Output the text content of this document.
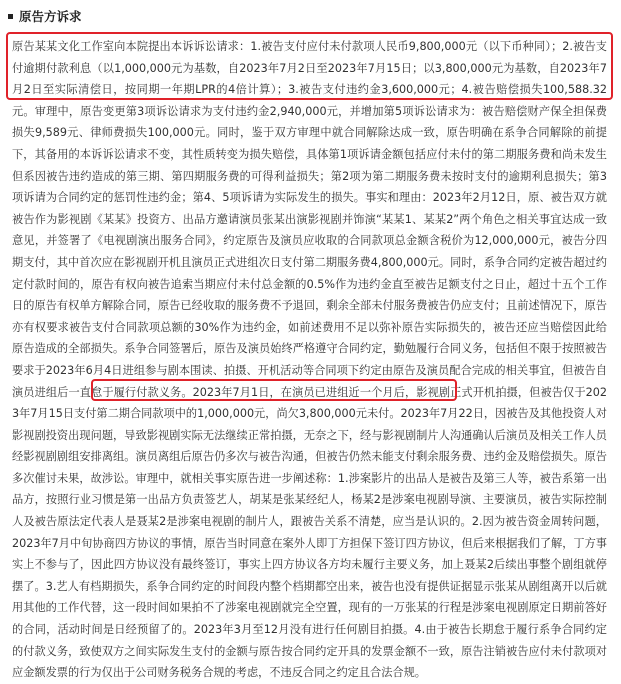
原告方诉求
原告某某文化工作室向本院提出本诉诉讼请求：1.被告支付应付未付款项人民币9,800,000元（以下币种同）；2.被告支付逾期付款利息（以1,000,000元为基数，自2023年7月2日至2023年7月15日；以3,800,000元为基数，自2023年7月2日至实际清偿日，按同期一年期LPR的4倍计算）；3.被告支付违约金3,600,000元；4.被告赔偿损失100,588.32元。审理中，原告变更第3项诉讼请求为支付违约金2,940,000元，并增加第5项诉讼请求为：被告赔偿财产保全担保费损失9,589元、律师费损失100,000元。同时，鉴于双方审理中就合同解除达成一致，原告明确在系争合同解除的前提下，其备用的本诉诉讼请求不变，其性质转变为损失赔偿，具体第1项诉请金额包括应付未付的第二期服务费和尚未发生但系因被告违约造成的第三期、第四期服务费的可得利益损失；第2项为第二期服务费未按时支付的逾期利息损失；第3项诉请为合同约定的惩罚性违约金；第4、5项诉请为实际发生的损失。事实和理由：2023年2月12日，原、被告双方就被告作为影视剧《某某》投资方、出品方邀请演员张某出演影视剧并饰演“某某1、某某2”两个角色之相关事宜达成一致意见，并签署了《电视剧演出服务合同》，约定原告及演员应收取的合同款项总金额含税价为12,000,000元，被告分四期支付，其中首次应在影视剧开机且演员正式进组次日支付第二期服务费4,800,000元。同时，系争合同约定被告超过约定付款时间的，原告有权向被告追索当期应付未付总金额的0.5%作为违约金直至被告足额支付之日止，超过十五个工作日的原告有权单方解除合同，原告已经收取的服务费不予退回，剩余全部未付服务费被告仍应支付；且前述情况下，原告亦有权要求被告支付合同款项总额的30%作为违约金，如前述费用不足以弥补原告实际损失的，被告还应当赔偿因此给原告造成的全部损失。系争合同签署后，原告及演员始终严格遵守合同约定，勤勉履行合同义务，包括但不限于按照被告要求于2023年6月4日进组参与剧本围读、拍摄、开机活动等合同项下约定由原告及演员配合完成的相关事宜，但被告自演员进组后一直怠于履行付款义务。2023年7月1日，在演员已进组近一个月后，影视剧正式开机拍摄，但被告仅于2023年7月15日支付第二期合同款项中的1,000,000元，尚欠3,800,000元未付。2023年7月22日，因被告及其他投资人对影视剧投资出现问题，导致影视剧实际无法继续正常拍摄，无奈之下，经与影视剧制片人沟通确认后演员及相关工作人员经影视剧剧组安排离组。演员离组后原告仍多次与被告沟通，但被告仍然未能支付剩余服务费、违约金及赔偿损失。原告多次催讨未果，故涉讼。审理中，就相关事实原告进一步阐述称：1.涉案影片的出品人是被告及第三人等，被告系第一出品方，按照行业习惯是第一出品方负责签艺人，胡某是张某经纪人，杨某2是涉案电视剧导演、主要演员，被告实际控制人及被告原法定代表人是聂某2是涉案电视剧的制片人，跟被告关系不清楚，应当是认识的。2.因为被告资金周转问题，2023年7月中旬协商四方协议的事情，原告当时同意在案外人即丁方担保下签订四方协议，但后来根据我们了解，丁方事实上不参与了，因此四方协议没有最终签订，事实上四方协议各方均未履行主要义务，加上聂某2后续出事整个剧组就停摆了。3.艺人有档期损失，系争合同约定的时间段内整个档期都空出来，被告也没有提供证据显示张某从剧组离开以后就用其他的工作代替，这一段时间如果拍不了涉案电视剧就完全空置，现有的一万张某的行程是涉案电视剧原定日期前答好的合同，活动时间是日经预留了的。2023年3月至12月没有进行任何剧目拍摄。4.由于被告长期怠于履行系争合同约定的付款义务，致使双方之间实际发生支付的金额与原告按合同约定开具的发票金额不一致，原告注销被告应付未付款项对应金额发票的行为仅出于公司财务税务合规的考虑，不违反合同之约定且合法合规。
